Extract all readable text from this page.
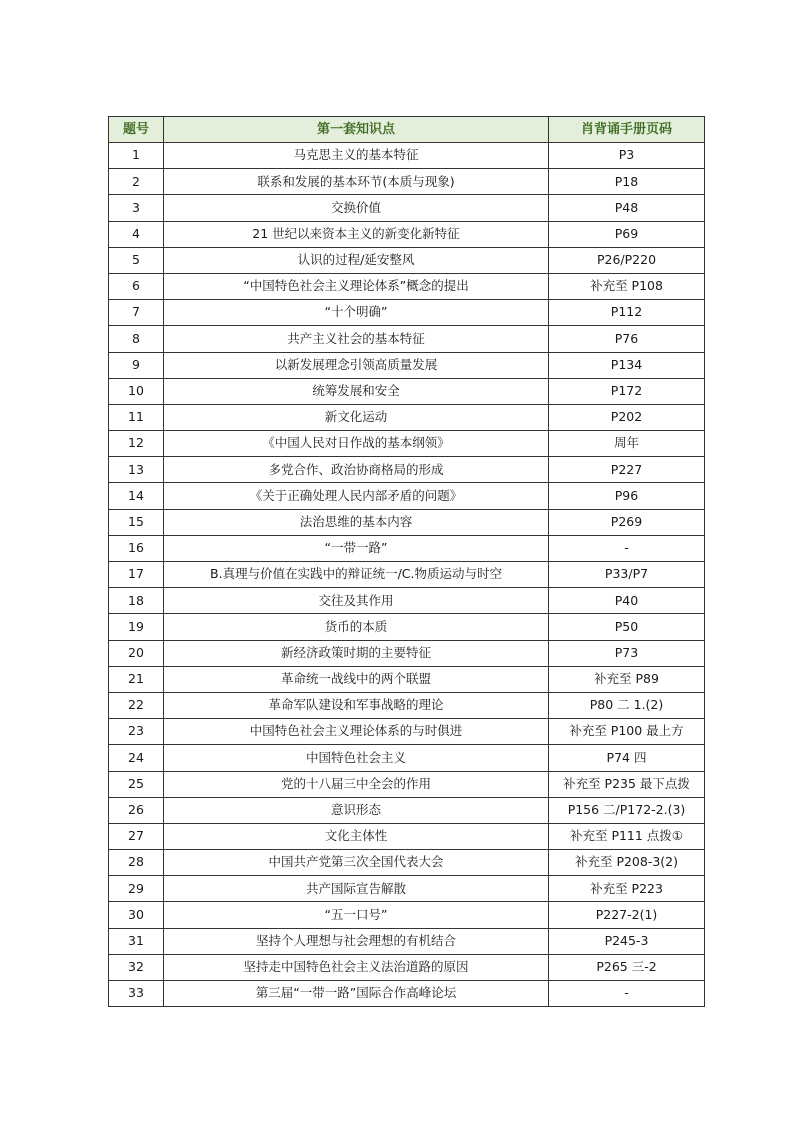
题号	第一套知识点	肖背诵手册页码
1	马克思主义的基本特征	P3
2	联系和发展的基本环节(本质与现象)	P18
3	交换价值	P48
4	21 世纪以来资本主义的新变化新特征	P69
5	认识的过程/延安整风	P26/P220
6	“中国特色社会主义理论体系”概念的提出	补充至 P108
7	“十个明确”	P112
8	共产主义社会的基本特征	P76
9	以新发展理念引领高质量发展	P134
10	统筹发展和安全	P172
11	新文化运动	P202
12	《中国人民对日作战的基本纲领》	周年
13	多党合作、政治协商格局的形成	P227
14	《关于正确处理人民内部矛盾的问题》	P96
15	法治思维的基本内容	P269
16	“一带一路”	-
17	B.真理与价值在实践中的辩证统一/C.物质运动与时空	P33/P7
18	交往及其作用	P40
19	货币的本质	P50
20	新经济政策时期的主要特征	P73
21	革命统一战线中的两个联盟	补充至 P89
22	革命军队建设和军事战略的理论	P80 二 1.(2)
23	中国特色社会主义理论体系的与时俱进	补充至 P100 最上方
24	中国特色社会主义	P74 四
25	党的十八届三中全会的作用	补充至 P235 最下点拨
26	意识形态	P156 二/P172-2.(3)
27	文化主体性	补充至 P111 点拨①
28	中国共产党第三次全国代表大会	补充至 P208-3(2)
29	共产国际宣告解散	补充至 P223
30	“五一口号”	P227-2(1)
31	坚持个人理想与社会理想的有机结合	P245-3
32	坚持走中国特色社会主义法治道路的原因	P265 三-2
33	第三届“一带一路”国际合作高峰论坛	-
